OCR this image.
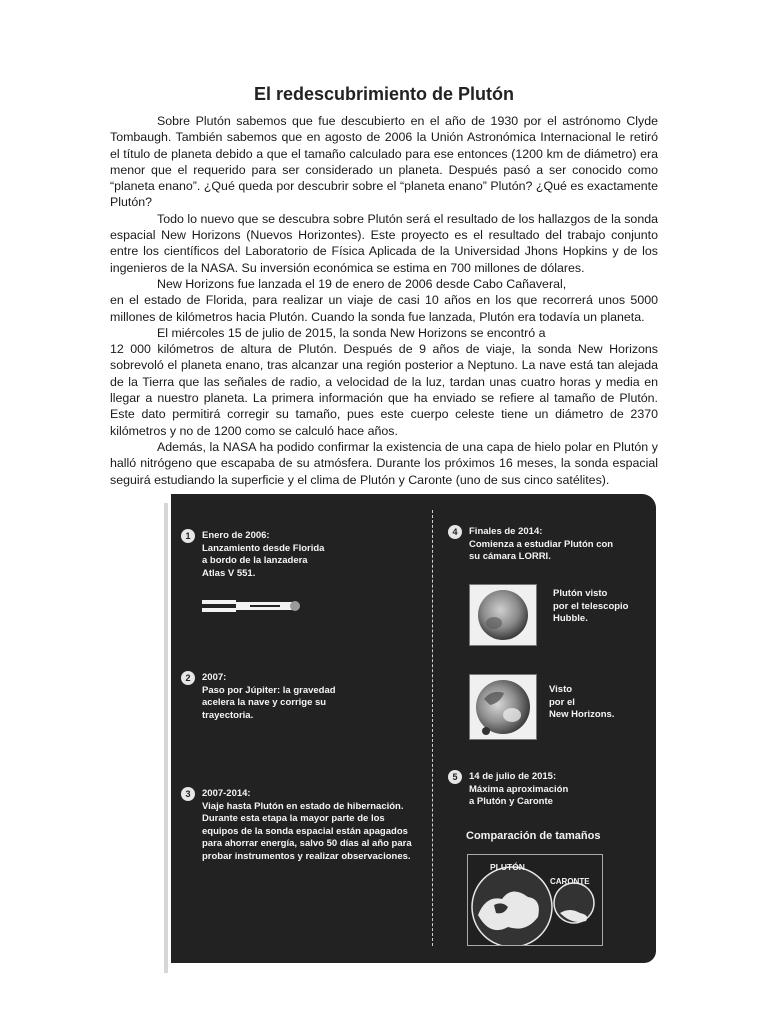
El redescubrimiento de Plutón

Sobre Plutón sabemos que fue descubierto en el año de 1930 por el astrónomo Clyde Tombaugh. También sabemos que en agosto de 2006 la Unión Astronómica Internacional le retiró el título de planeta debido a que el tamaño calculado para ese entonces (1200 km de diámetro) era menor que el requerido para ser considerado un planeta. Después pasó a ser conocido como “planeta enano”. ¿Qué queda por descubrir sobre el “planeta enano” Plutón? ¿Qué es exactamente Plutón?

Todo lo nuevo que se descubra sobre Plutón será el resultado de los hallazgos de la sonda espacial New Horizons (Nuevos Horizontes). Este proyecto es el resultado del trabajo conjunto entre los científicos del Laboratorio de Física Aplicada de la Universidad Jhons Hopkins y de los ingenieros de la NASA. Su inversión económica se estima en 700 millones de dólares.

New Horizons fue lanzada el 19 de enero de 2006 desde Cabo Cañaveral,

en el estado de Florida, para realizar un viaje de casi 10 años en los que recorrerá unos 5000 millones de kilómetros hacia Plutón. Cuando la sonda fue lanzada, Plutón era todavía un planeta.

El miércoles 15 de julio de 2015, la sonda New Horizons se encontró a

12 000 kilómetros de altura de Plutón. Después de 9 años de viaje, la sonda New Horizons sobrevoló el planeta enano, tras alcanzar una región posterior a Neptuno. La nave está tan alejada de la Tierra que las señales de radio, a velocidad de la luz, tardan unas cuatro horas y media en llegar a nuestro planeta. La primera información que ha enviado se refiere al tamaño de Plutón. Este dato permitirá corregir su tamaño, pues este cuerpo celeste tiene un diámetro de 2370 kilómetros y no de 1200 como se calculó hace años.

Además, la NASA ha podido confirmar la existencia de una capa de hielo polar en Plutón y halló nitrógeno que escapaba de su atmósfera. Durante los próximos 16 meses, la sonda espacial seguirá estudiando la superficie y el clima de Plutón y Caronte (uno de sus cinco satélites).

1	Enero de 2006:
Lanzamiento desde Florida
a bordo de la lanzadera
Atlas V 551.
2	2007:
Paso por Júpiter: la gravedad
acelera la nave y corrige su
trayectoria.
3	2007-2014:
Viaje hasta Plutón en estado de hibernación.
Durante esta etapa la mayor parte de los
equipos de la sonda espacial están apagados
para ahorrar energía, salvo 50 días al año para
probar instrumentos y realizar observaciones.
4	Finales de 2014:
Comienza a estudiar Plutón con
su cámara LORRI.
Plutón visto
por el telescopio
Hubble.
Visto
por el
New Horizons.
5	14 de julio de 2015:
Máxima aproximación
a Plutón y Caronte
Comparación de tamaños
PLUTÓN
CARONTE
